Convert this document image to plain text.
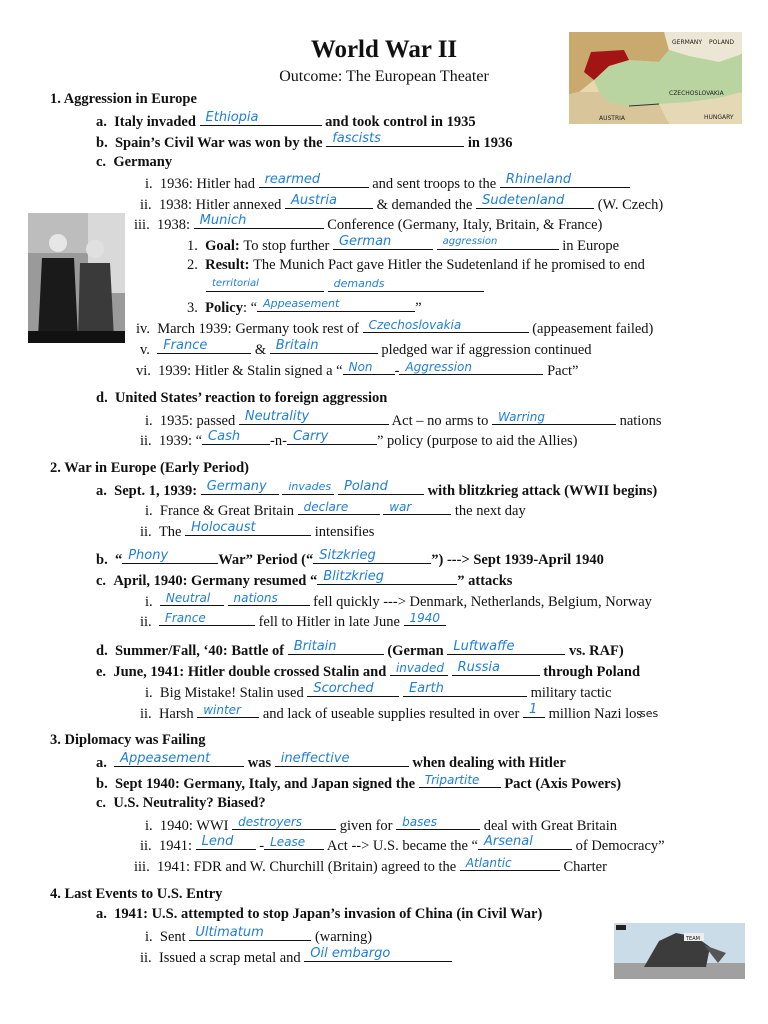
World War II
Outcome: The European Theater
GERMANY POLAND
AUSTRIA
CZECHOSLOVAKIA
HUNGARY
TEAM
1. Aggression in Europe
a. Italy invaded Ethiopia	and took control in 1935
b. Spain’s Civil War was won by the fascists	in 1936
c. Germany
i. 1936: Hitler had rearmed	and sent troops to the Rhineland
ii. 1938: Hitler annexed Austria	& demanded the Sudetenland (W. Czech)
iii. 1938: Munich	Conference (Germany, Italy, Britain, & France)
1. Goal: To stop further German
	aggression	in Europe
2. Result: The Munich Pact gave Hitler the Sudetenland if he promised to end
territorial
	demands
3. Policy: “ Appeasement	”
iv. March 1939: Germany took rest of Czechoslovakia	(appeasement failed)
v. France	& Britain	pledged war if aggression continued
vi. 1939: Hitler & Stalin signed a “ Non - Aggression	Pact”
d. United States’ reaction to foreign aggression
i. 1935: passed Neutrality	Act – no arms to Warring	nations
ii. 1939: “ Cash -n- Carry	” policy (purpose to aid the Allies)
2. War in Europe (Early Period)
a. Sept. 1, 1939: Germany
invades
Poland	with blitzkrieg attack (WWII begins)
i. France & Great Britain declare
	war	the next day
ii. The Holocaust	intensifies
b. “ Phony	War” Period (“ Sitzkrieg	”) ---> Sept 1939-April 1940
c. April, 1940: Germany resumed “ Blitzkrieg	” attacks
i. Neutral
nations fell quickly ---> Denmark, Netherlands, Belgium, Norway
ii. France	fell to Hitler in late June 1940
d. Summer/Fall, ‘40: Battle of Britain	(German Luftwaffe	vs. RAF)
e. June, 1941: Hitler double crossed Stalin and invaded
Russia	through Poland
i. Big Mistake! Stalin used Scorched
	Earth	military tactic
ii. Harsh winter and lack of useable supplies resulted in over 1 million Nazi losses
3. Diplomacy was Failing
a. Appeasement	was ineffective	when dealing with Hitler
b. Sept 1940: Germany, Italy, and Japan signed the Tripartite Pact (Axis Powers)
c. U.S. Neutrality? Biased?
i. 1940: WWI destroyers	given for bases	deal with Great Britain
ii. 1941: Lend - Lease Act --> U.S. became the “ Arsenal	of Democracy”
iii. 1941: FDR and W. Churchill (Britain) agreed to the Atlantic	Charter
4. Last Events to U.S. Entry
a. 1941: U.S. attempted to stop Japan’s invasion of China (in Civil War)
i. Sent Ultimatum	(warning)
ii. Issued a scrap metal and Oil embargo
